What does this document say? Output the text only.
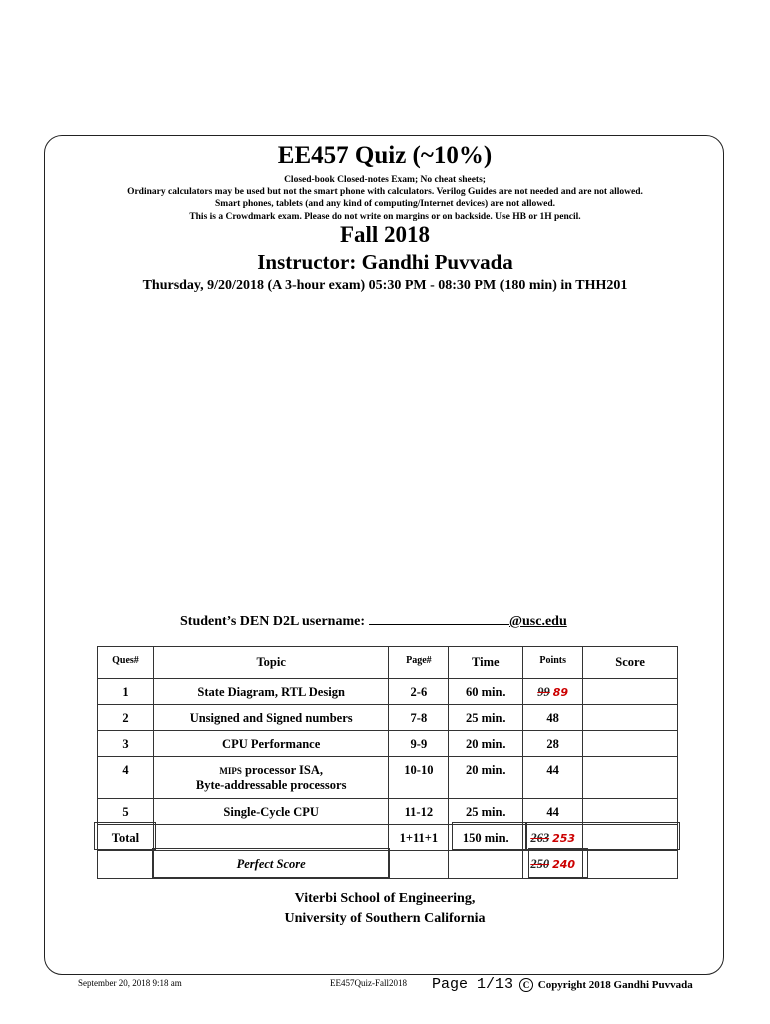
EE457 Quiz (~10%)
Closed-book Closed-notes Exam; No cheat sheets;
Ordinary calculators may be used but not the smart phone with calculators. Verilog Guides are not needed and are not allowed.
Smart phones, tablets (and any kind of computing/Internet devices) are not allowed.
This is a Crowdmark exam. Please do not write on margins or on backside. Use HB or 1H pencil.
Fall 2018
Instructor: Gandhi Puvvada
Thursday, 9/20/2018 (A 3-hour exam) 05:30 PM - 08:30 PM (180 min) in THH201
Student’s DEN D2L username:	@usc.edu
Ques#	Topic	Page#	Time	Points	Score
1	State Diagram, RTL Design	2-6	60 min.	99 89	
2	Unsigned and Signed numbers	7-8	25 min.	48	
3	CPU Performance	9-9	20 min.	28	
4	MIPS processor ISA,
Byte-addressable processors	10-10	20 min.	44	
5	Single-Cycle CPU	11-12	25 min.	44	
Total		1+11+1	150 min.	263 253	
	Perfect Score			250 240	
Viterbi School of Engineering,
University of Southern California
September 20, 2018 9:18 am	EE457Quiz-Fall2018 Page 1/13	C Copyright 2018 Gandhi Puvvada
